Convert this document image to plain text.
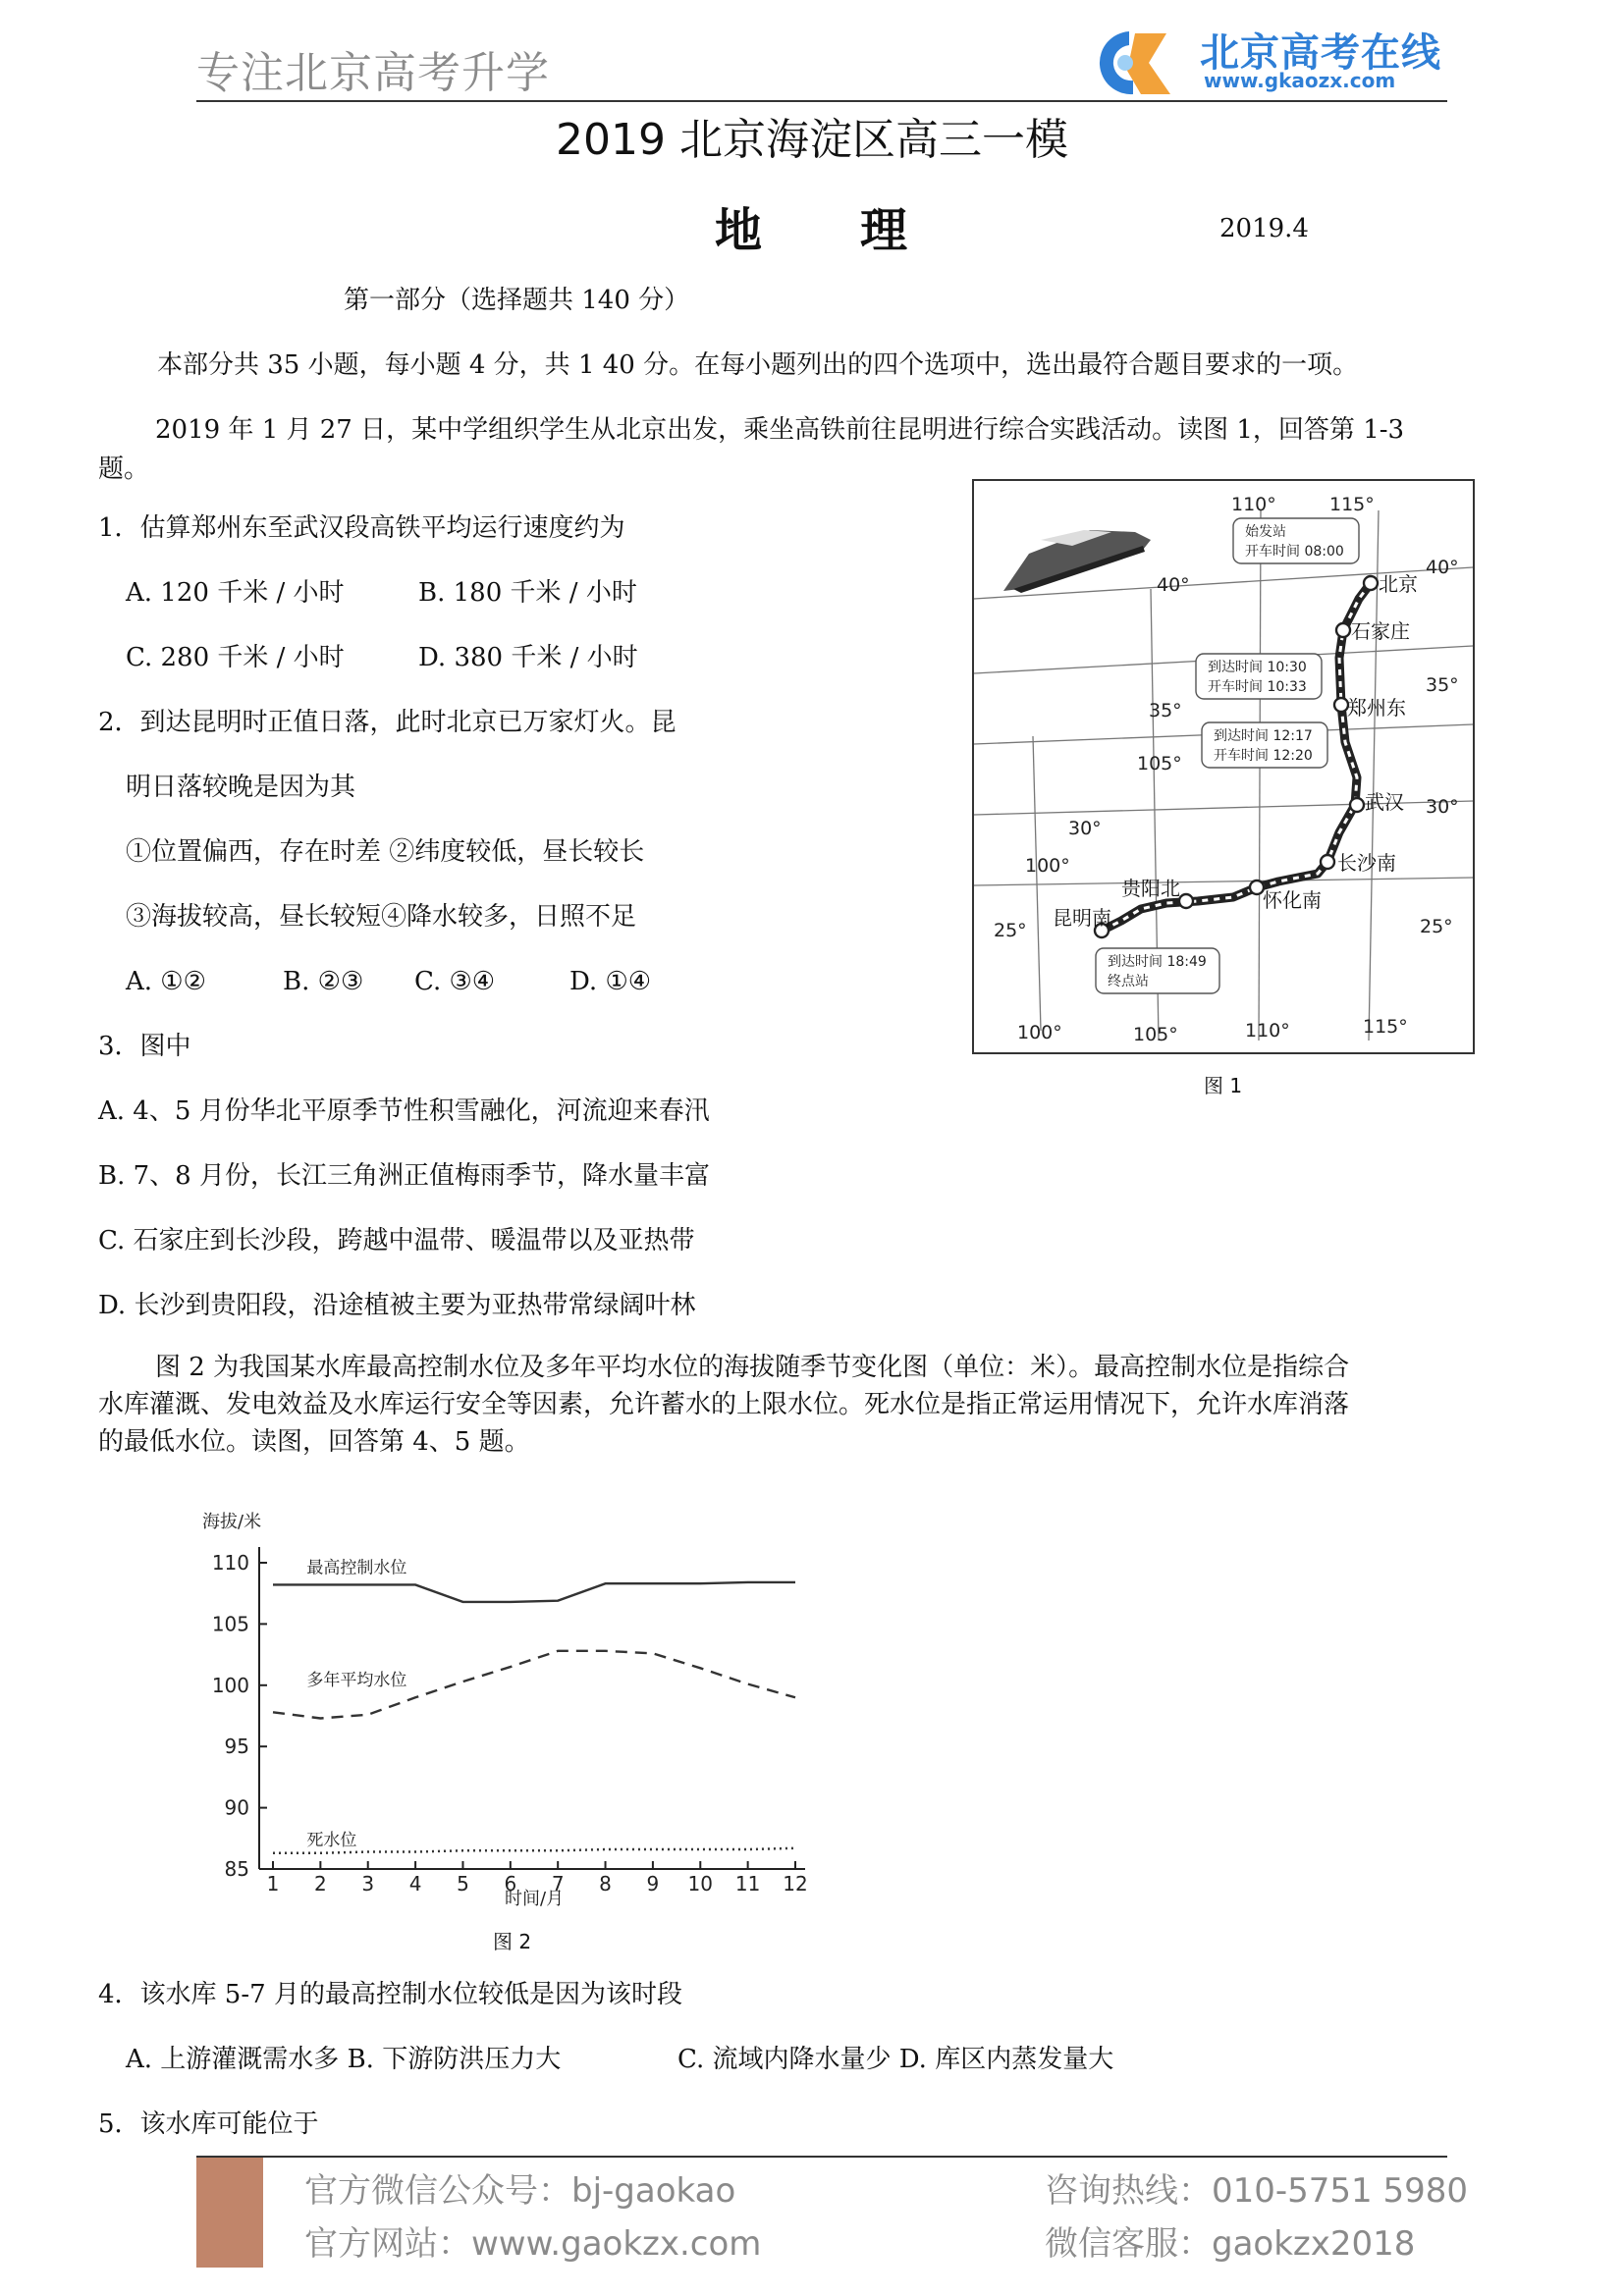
专注北京高考升学	北京高考在线
www.gkaozx.com
2019 北京海淀区高三一模
地 理	2019.4
第一部分（选择题共 140 分）
本部分共 35 小题，每小题 4 分，共 1 40 分。在每小题列出的四个选项中，选出最符合题目要求的一项。
2019 年 1 月 27 日，某中学组织学生从北京出发，乘坐高铁前往昆明进行综合实践活动。读图 1，回答第 1-3
题。
1．估算郑州东至武汉段高铁平均运行速度约为
A. 120 千米 / 小时	B. 180 千米 / 小时
C. 280 千米 / 小时	D. 380 千米 / 小时
2．到达昆明时正值日落，此时北京已万家灯火。昆
明日落较晚是因为其
①位置偏西，存在时差 ②纬度较低，昼长较长
③海拔较高，昼长较短④降水较多，日照不足
A. ①②	B. ②③ C. ③④	D. ①④
3．图中
A. 4、5 月份华北平原季节性积雪融化，河流迎来春汛
B. 7、8 月份，长江三角洲正值梅雨季节，降水量丰富
C. 石家庄到长沙段，跨越中温带、暖温带以及亚热带
D. 长沙到贵阳段，沿途植被主要为亚热带常绿阔叶林
始发站
开车时间 08:00
到达时间 10:30
开车时间 10:33
到达时间 12:17
开车时间 12:20
到达时间 18:49
终点站
北京
石家庄
郑州东
武汉
长沙南
怀化南
贵阳北
昆明南
110°	115°
40°
35°
30°
25°
40°
35°
30°
25°
105°
100°
100°	105°	110°	115°
图 1
图 2 为我国某水库最高控制水位及多年平均水位的海拔随季节变化图（单位：米）。最高控制水位是指综合
水库灌溉、发电效益及水库运行安全等因素，允许蓄水的上限水位。死水位是指正常运用情况下，允许水库消落
的最低水位。读图，回答第 4、5 题。
海拔/米
时间/月
85
90
95
100
105
110
1 2 3 4 5 6 7 8 9 10 11 12
最高控制水位
多年平均水位
死水位
图 2
4．该水库 5-7 月的最高控制水位较低是因为该时段
A. 上游灌溉需水多 B. 下游防洪压力大	C. 流域内降水量少 D. 库区内蒸发量大
5．该水库可能位于
官方微信公众号：bj-gaokao
官方网站：www.gaokzx.com
咨询热线：010-5751 5980
微信客服：gaokzx2018
